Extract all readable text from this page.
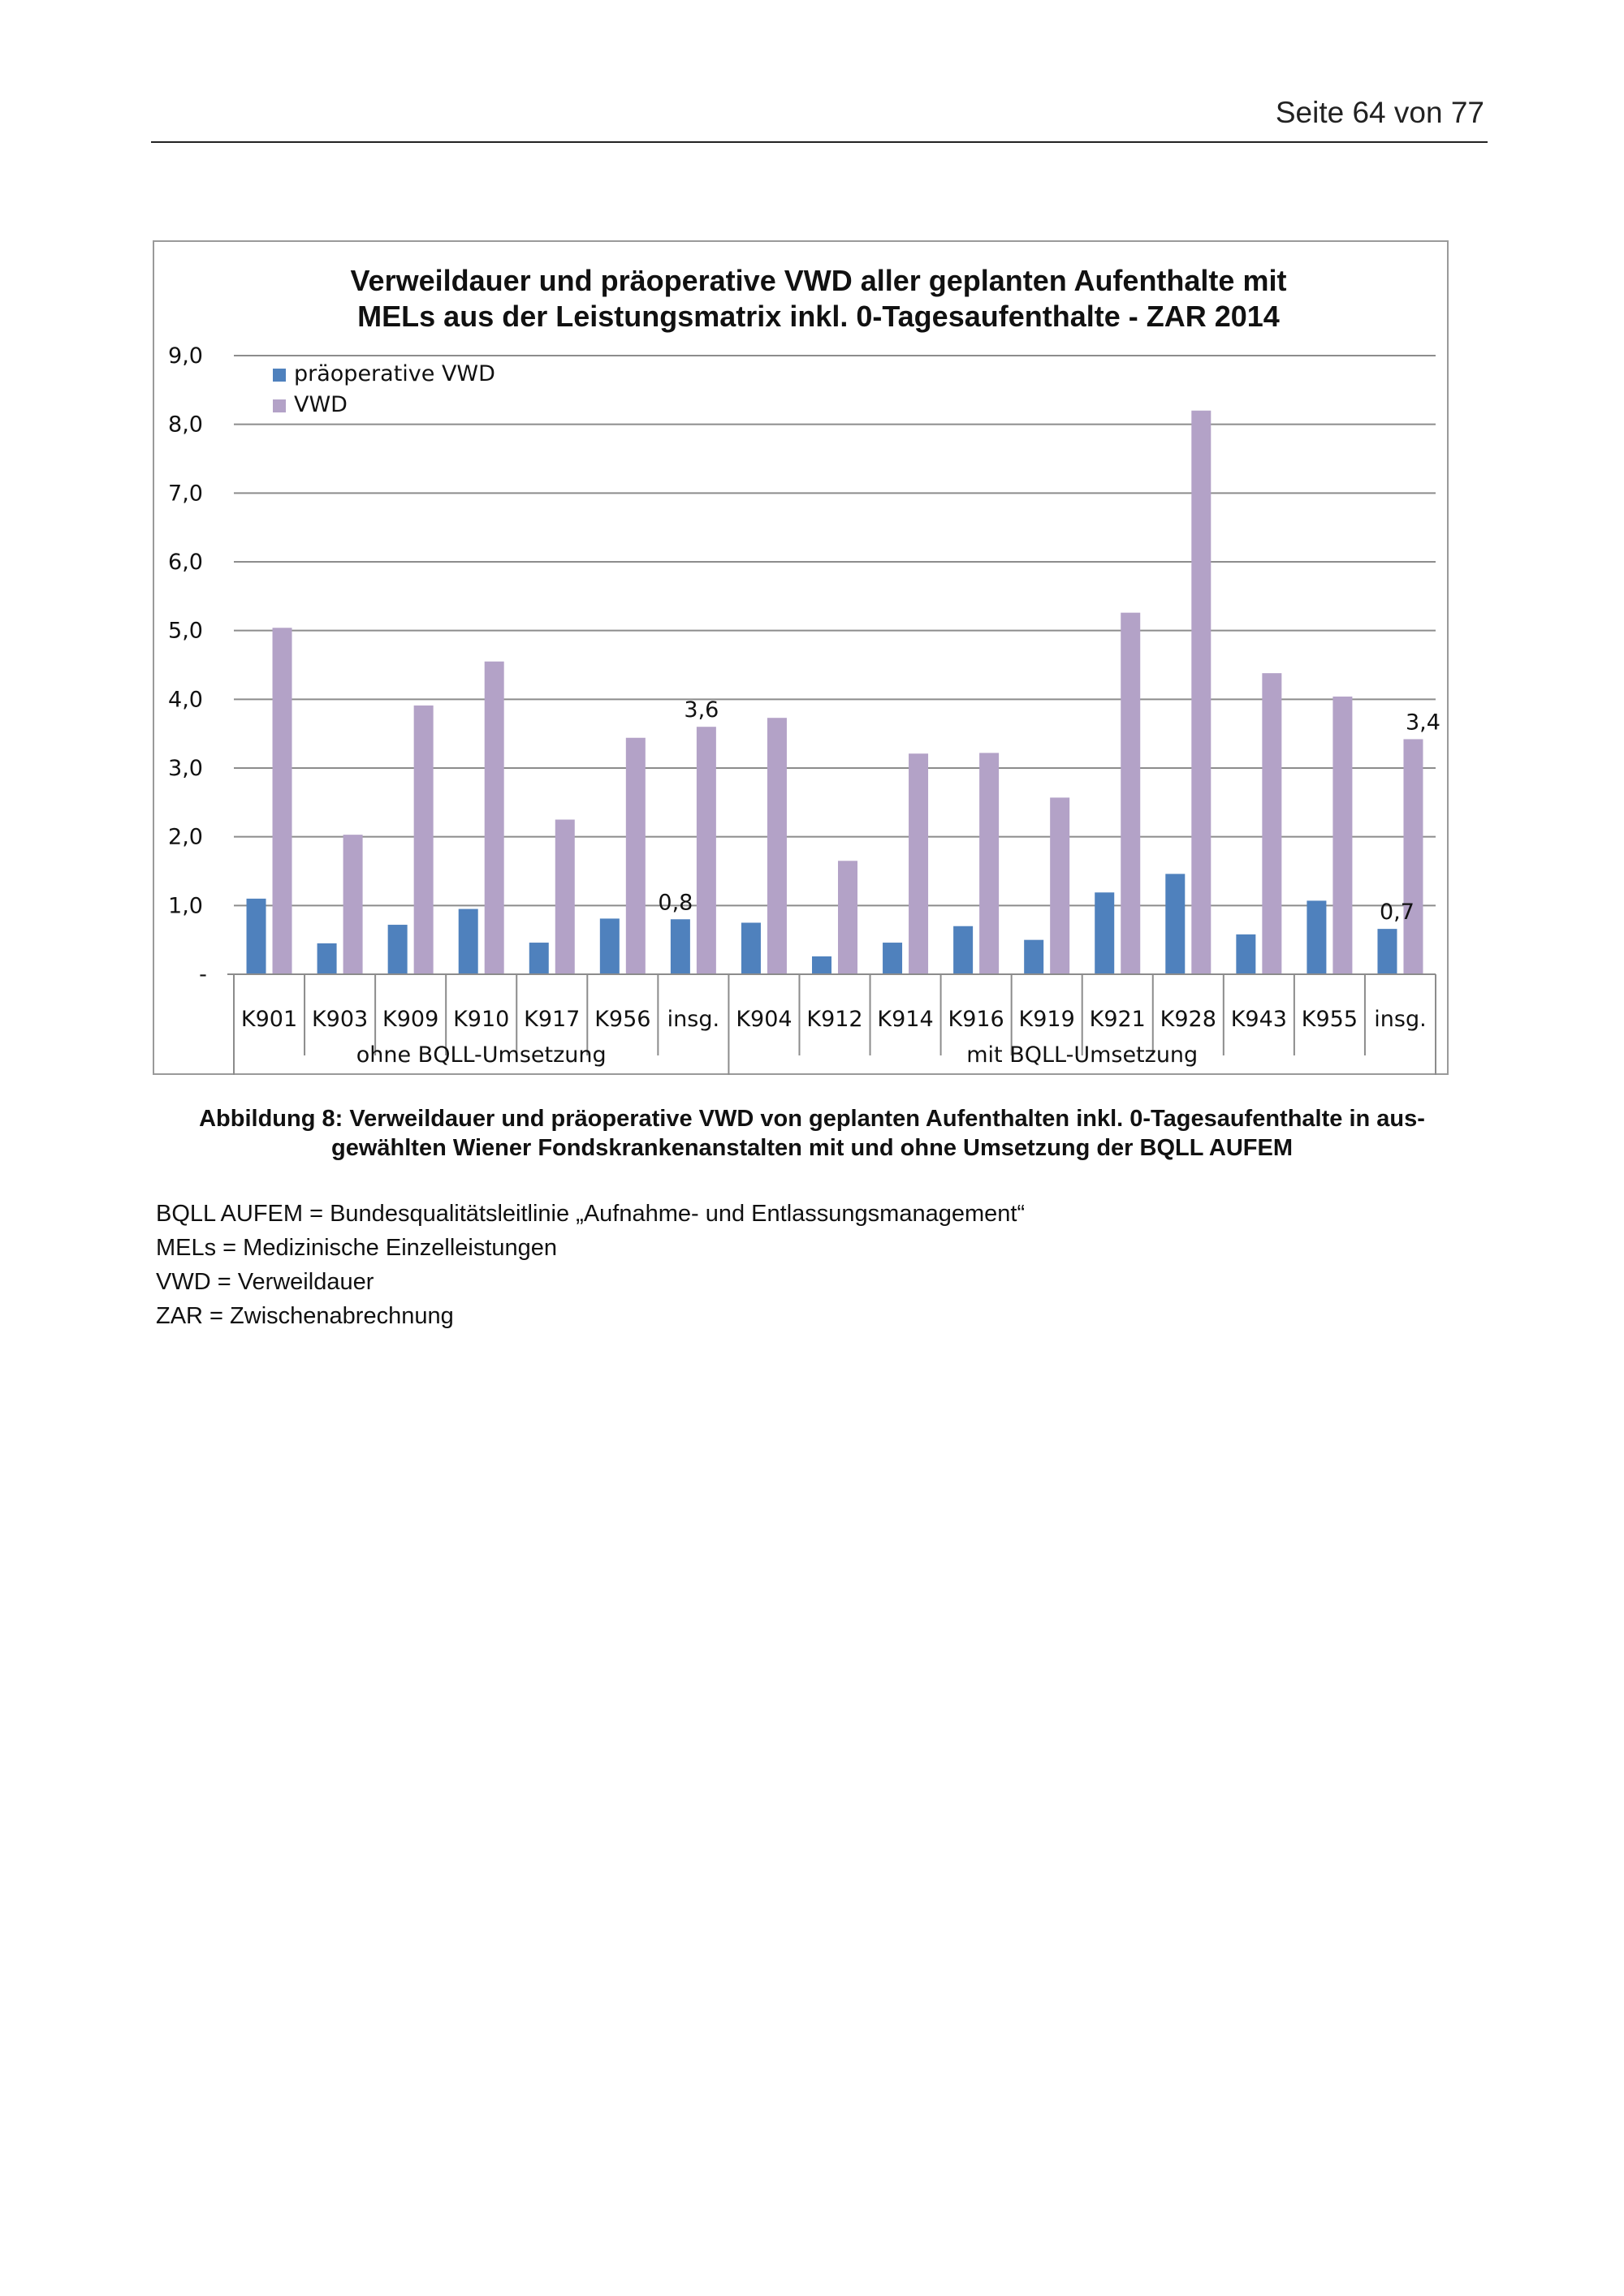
Seite 64 von 77
Verweildauer und präoperative VWD aller geplanten Aufenthalte mit
MELs aus der Leistungsmatrix inkl. 0-Tagesaufenthalte - ZAR 2014
-
1,0
2,0
3,0
4,0
5,0
6,0
7,0
8,0
9,0
3,6
0,8
3,4
0,7
K901 K903 K909 K910 K917 K956 insg. K904 K912 K914 K916 K919 K921 K928 K943 K955 insg.
ohne BQLL-Umsetzung	mit BQLL-Umsetzung
präoperative VWD
VWD
Abbildung 8: Verweildauer und präoperative VWD von geplanten Aufenthalten inkl. 0-Tagesaufenthalte in aus-
gewählten Wiener Fondskrankenanstalten mit und ohne Umsetzung der BQLL AUFEM
BQLL AUFEM = Bundesqualitätsleitlinie „Aufnahme- und Entlassungsmanagement“
MELs = Medizinische Einzelleistungen
VWD = Verweildauer
ZAR = Zwischenabrechnung
